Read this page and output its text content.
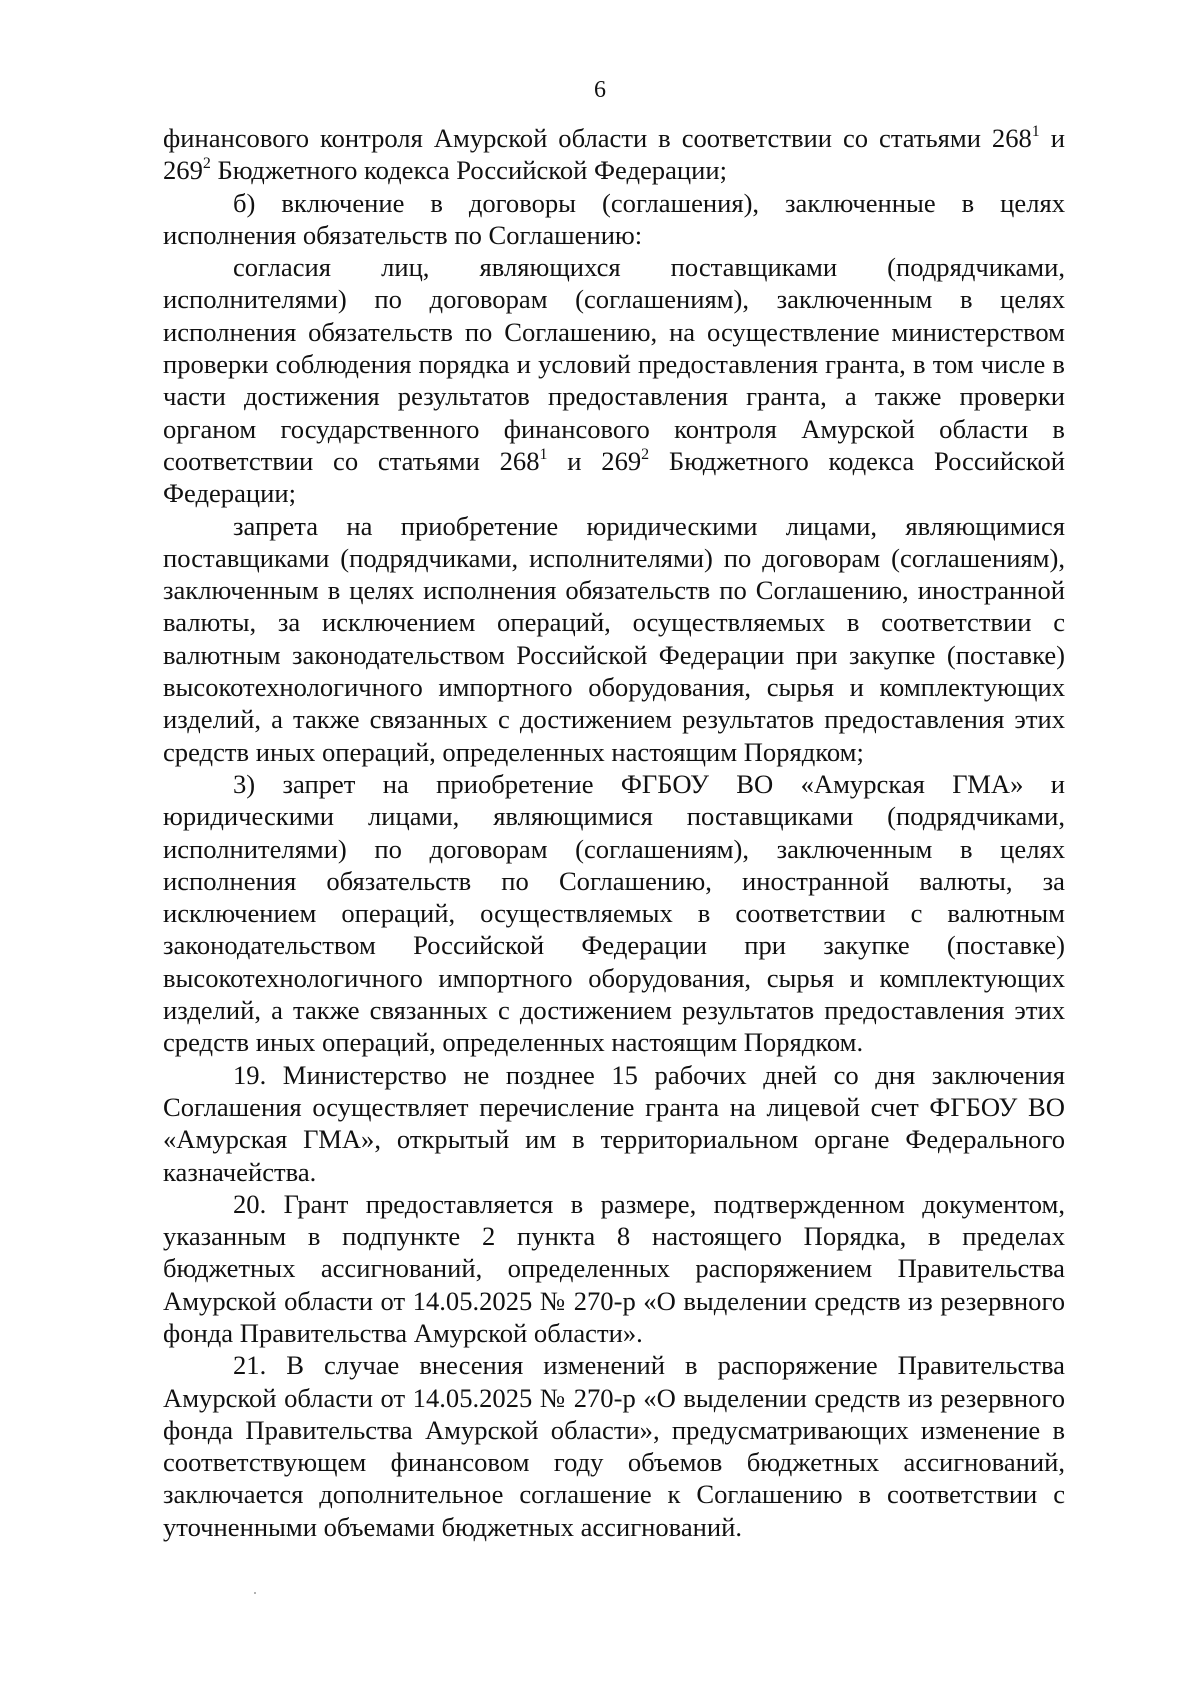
6

финансового контроля Амурской области в соответствии со статьями $268^1$ и $269^2$ Бюджетного кодекса Российской Федерации;

б) включение в договоры (соглашения), заключенные в целях исполнения обязательств по Соглашению:

согласия лиц, являющихся поставщиками (подрядчиками, исполнителями) по договорам (соглашениям), заключенным в целях исполнения обязательств по Соглашению, на осуществление министерством проверки соблюдения порядка и условий предоставления гранта, в том числе в части достижения результатов предоставления гранта, а также проверки органом государственного финансового контроля Амурской области в соответствии со статьями $268^1$ и $269^2$ Бюджетного кодекса Российской Федерации;

запрета на приобретение юридическими лицами, являющимися поставщиками (подрядчиками, исполнителями) по договорам (соглашениям), заключенным в целях исполнения обязательств по Соглашению, иностранной валюты, за исключением операций, осуществляемых в соответствии с валютным законодательством Российской Федерации при закупке (поставке) высокотехнологичного импортного оборудования, сырья и комплектующих изделий, а также связанных с достижением результатов предоставления этих средств иных операций, определенных настоящим Порядком;

3) запрет на приобретение ФГБОУ ВО «Амурская ГМА» и юридическими лицами, являющимися поставщиками (подрядчиками, исполнителями) по договорам (соглашениям), заключенным в целях исполнения обязательств по Соглашению, иностранной валюты, за исключением операций, осуществляемых в соответствии с валютным законодательством Российской Федерации при закупке (поставке) высокотехнологичного импортного оборудования, сырья и комплектующих изделий, а также связанных с достижением результатов предоставления этих средств иных операций, определенных настоящим Порядком.

19. Министерство не позднее 15 рабочих дней со дня заключения Соглашения осуществляет перечисление гранта на лицевой счет ФГБОУ ВО «Амурская ГМА», открытый им в территориальном органе Федерального казначейства.

20. Грант предоставляется в размере, подтвержденном документом, указанным в подпункте 2 пункта 8 настоящего Порядка, в пределах бюджетных ассигнований, определенных распоряжением Правительства Амурской области от 14.05.2025 № 270-р «О выделении средств из резервного фонда Правительства Амурской области».

21. В случае внесения изменений в распоряжение Правительства Амурской области от 14.05.2025 № 270-р «О выделении средств из резервного фонда Правительства Амурской области», предусматривающих изменение в соответствующем финансовом году объемов бюджетных ассигнований, заключается дополнительное соглашение к Соглашению в соответствии с уточненными объемами бюджетных ассигнований.
